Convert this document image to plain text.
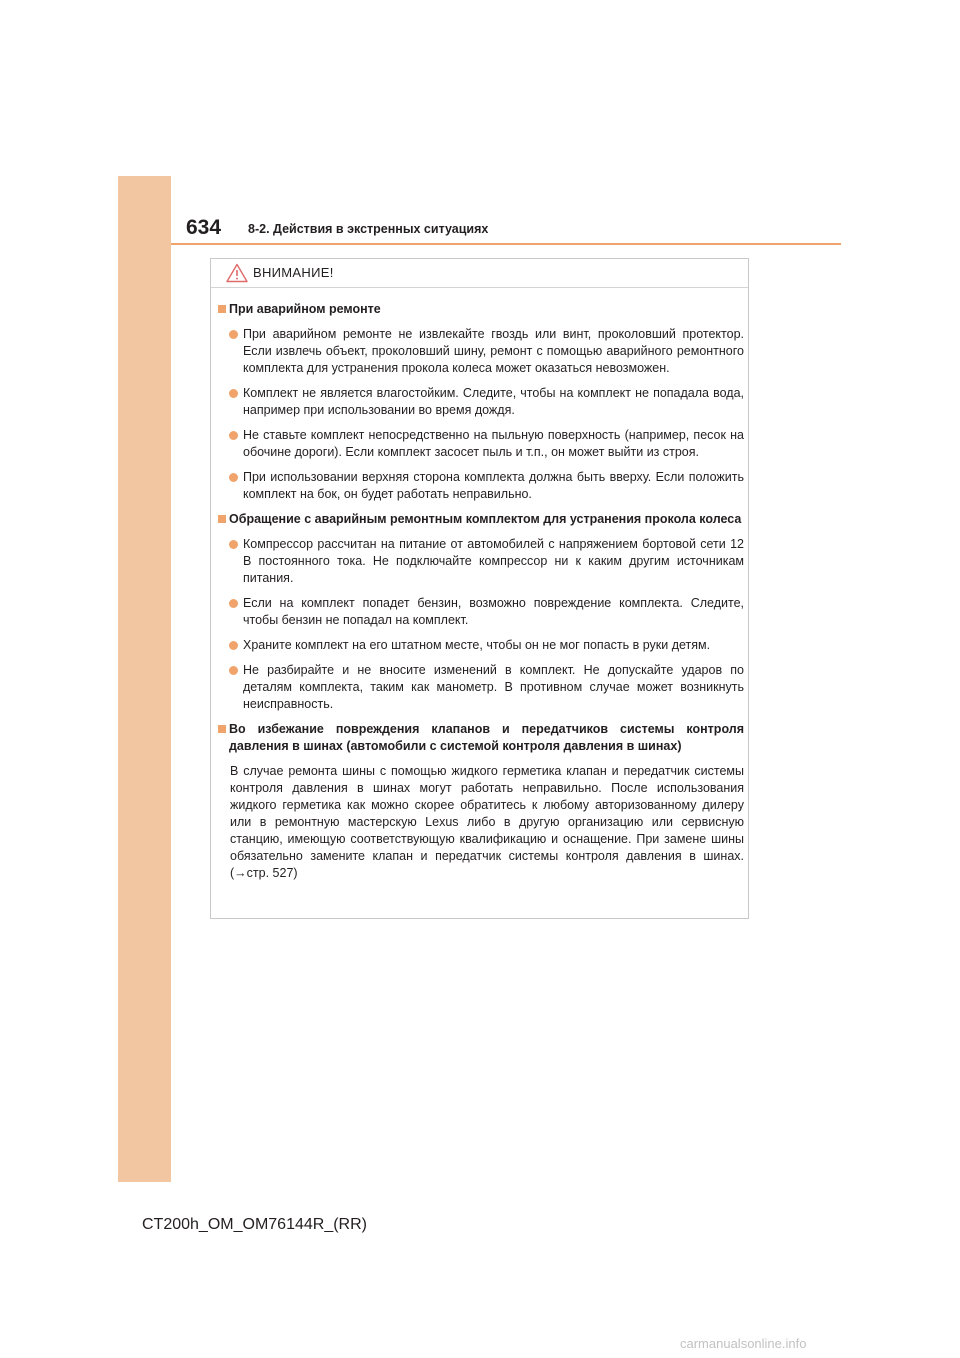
634 8-2. Действия в экстренных ситуациях
ВНИМАНИЕ!
При аварийном ремонте
При аварийном ремонте не извлекайте гвоздь или винт, проколовший протектор. Если извлечь объект, проколовший шину, ремонт с помощью аварийного ремонтного комплекта для устранения прокола колеса может оказаться невозможен.
Комплект не является влагостойким. Следите, чтобы на комплект не попадала вода, например при использовании во время дождя.
Не ставьте комплект непосредственно на пыльную поверхность (например, песок на обочине дороги). Если комплект засосет пыль и т.п., он может выйти из строя.
При использовании верхняя сторона комплекта должна быть вверху. Если положить комплект на бок, он будет работать неправильно.
Обращение с аварийным ремонтным комплектом для устранения прокола колеса
Компрессор рассчитан на питание от автомобилей с напряжением бортовой сети 12 В постоянного тока. Не подключайте компрессор ни к каким другим источникам питания.
Если на комплект попадет бензин, возможно повреждение комплекта. Следите, чтобы бензин не попадал на комплект.
Храните комплект на его штатном месте, чтобы он не мог попасть в руки детям.
Не разбирайте и не вносите изменений в комплект. Не допускайте ударов по деталям комплекта, таким как манометр. В противном случае может возникнуть неисправность.
Во избежание повреждения клапанов и передатчиков системы контроля давления в шинах (автомобили с системой контроля давления в шинах)
В случае ремонта шины с помощью жидкого герметика клапан и передатчик системы контроля давления в шинах могут работать неправильно. После использования жидкого герметика как можно скорее обратитесь к любому авторизованному дилеру или в ремонтную мастерскую Lexus либо в другую организацию или сервисную станцию, имеющую соответствующую квалификацию и оснащение. При замене шины обязательно замените клапан и передатчик системы контроля давления в шинах. (→стр. 527)
CT200h_OM_OM76144R_(RR)
carmanualsonline.info
